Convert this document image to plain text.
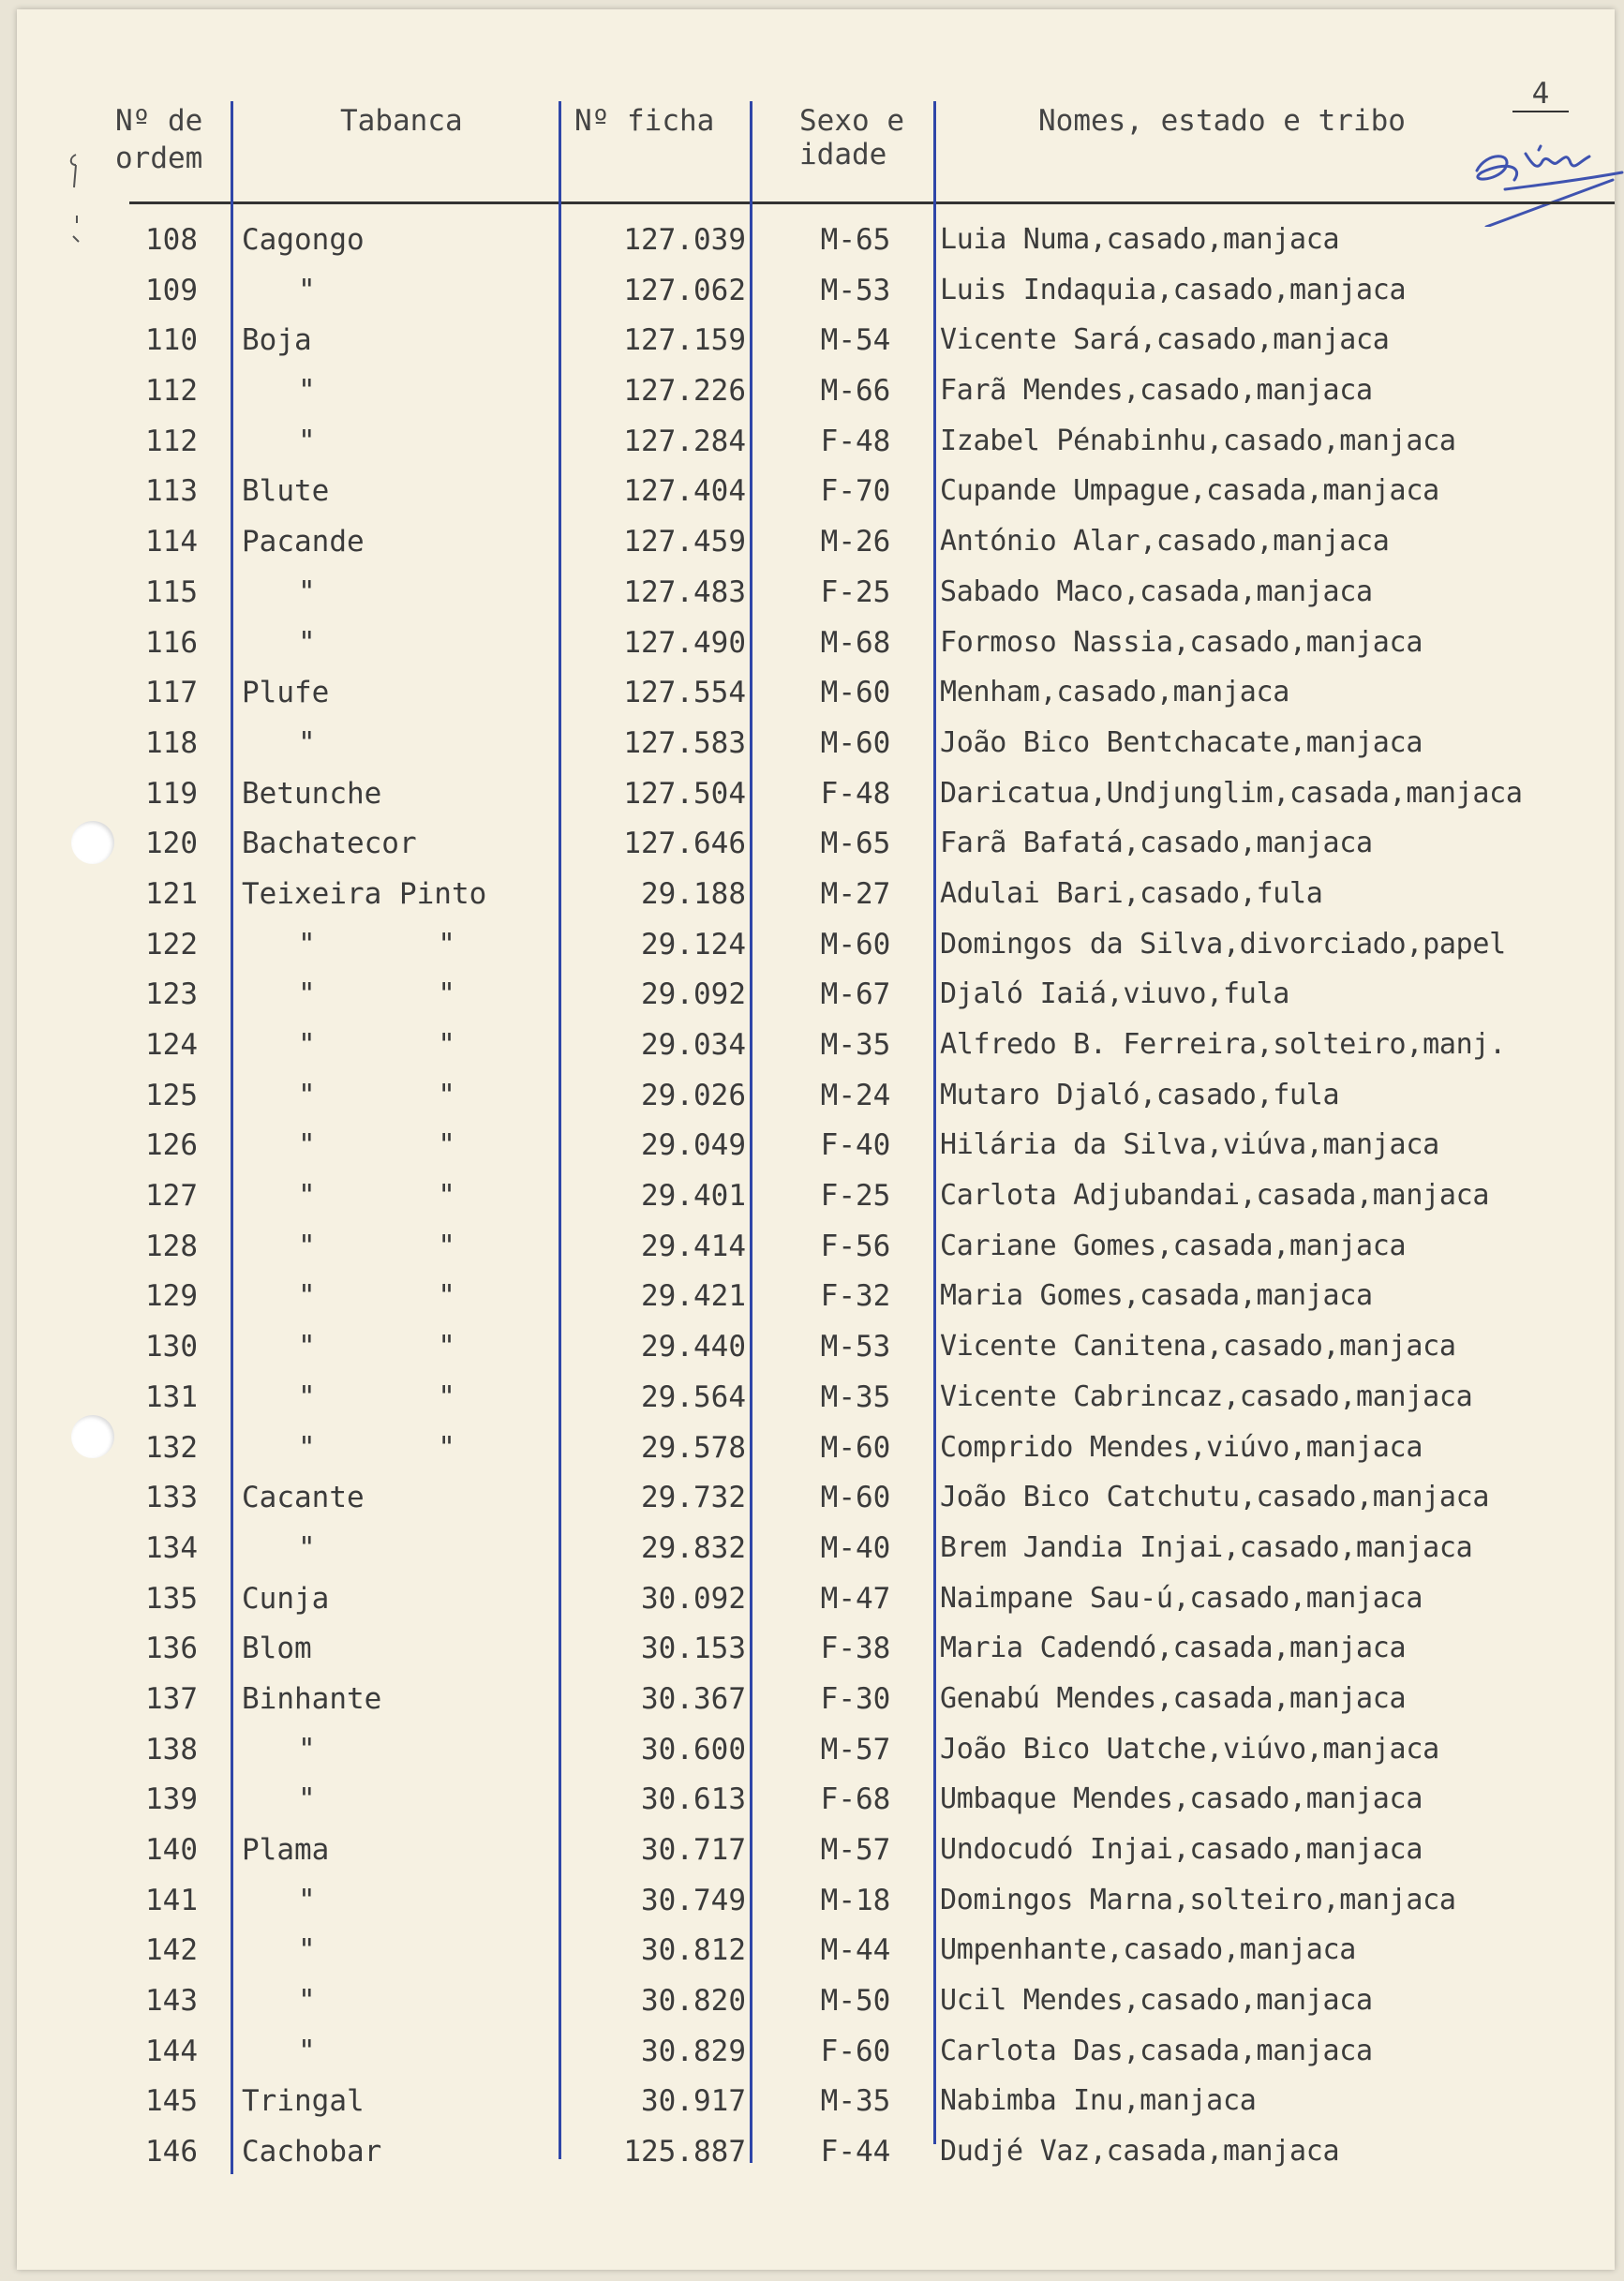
4
Nº de
ordem
Tabanca	Nº ficha	Sexo e
idade
Nomes, estado e tribo
108	Cagongo	127.039	M-65	Luia Numa,casado,manjaca
109	"	127.062	M-53	Luis Indaquia,casado,manjaca
110	Boja	127.159	M-54	Vicente Sará,casado,manjaca
112	"	127.226	M-66	Farã Mendes,casado,manjaca
112	"	127.284	F-48	Izabel Pénabinhu,casado,manjaca
113	Blute	127.404	F-70	Cupande Umpague,casada,manjaca
114	Pacande	127.459	M-26	António Alar,casado,manjaca
115	"	127.483	F-25	Sabado Maco,casada,manjaca
116	"	127.490	M-68	Formoso Nassia,casado,manjaca
117	Plufe	127.554	M-60	Menham,casado,manjaca
118	"	127.583	M-60	João Bico Bentchacate,manjaca
119	Betunche	127.504	F-48	Daricatua,Undjunglim,casada,manjaca
120	Bachatecor	127.646	M-65	Farã Bafatá,casado,manjaca
121	Teixeira Pinto	29.188	M-27	Adulai Bari,casado,fula
122	"       "	29.124	M-60	Domingos da Silva,divorciado,papel
123	"       "	29.092	M-67	Djaló Iaiá,viuvo,fula
124	"       "	29.034	M-35	Alfredo B. Ferreira,solteiro,manj.
125	"       "	29.026	M-24	Mutaro Djaló,casado,fula
126	"       "	29.049	F-40	Hilária da Silva,viúva,manjaca
127	"       "	29.401	F-25	Carlota Adjubandai,casada,manjaca
128	"       "	29.414	F-56	Cariane Gomes,casada,manjaca
129	"       "	29.421	F-32	Maria Gomes,casada,manjaca
130	"       "	29.440	M-53	Vicente Canitena,casado,manjaca
131	"       "	29.564	M-35	Vicente Cabrincaz,casado,manjaca
132	"       "	29.578	M-60	Comprido Mendes,viúvo,manjaca
133	Cacante	29.732	M-60	João Bico Catchutu,casado,manjaca
134	"	29.832	M-40	Brem Jandia Injai,casado,manjaca
135	Cunja	30.092	M-47	Naimpane Sau-ú,casado,manjaca
136	Blom	30.153	F-38	Maria Cadendó,casada,manjaca
137	Binhante	30.367	F-30	Genabú Mendes,casada,manjaca
138	"	30.600	M-57	João Bico Uatche,viúvo,manjaca
139	"	30.613	F-68	Umbaque Mendes,casado,manjaca
140	Plama	30.717	M-57	Undocudó Injai,casado,manjaca
141	"	30.749	M-18	Domingos Marna,solteiro,manjaca
142	"	30.812	M-44	Umpenhante,casado,manjaca
143	"	30.820	M-50	Ucil Mendes,casado,manjaca
144	"	30.829	F-60	Carlota Das,casada,manjaca
145	Tringal	30.917	M-35	Nabimba Inu,manjaca
146	Cachobar	125.887	F-44	Dudjé Vaz,casada,manjaca
